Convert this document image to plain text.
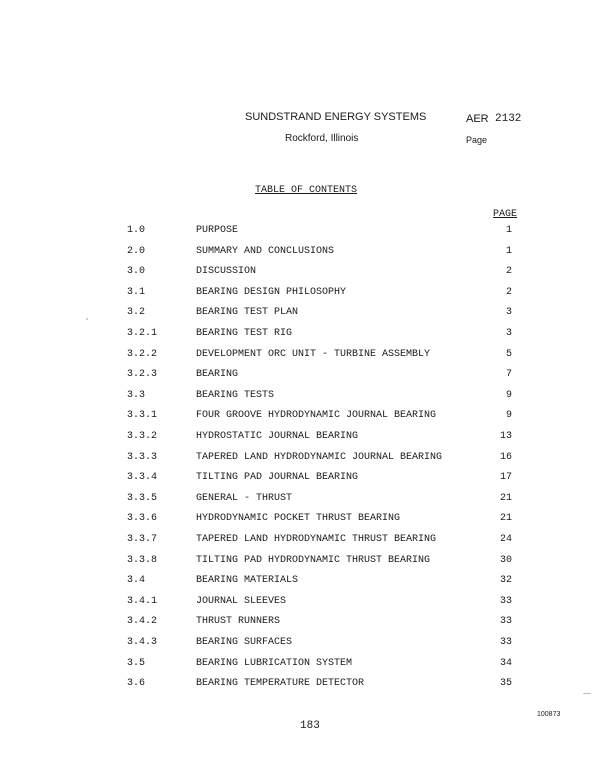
SUNDSTRAND ENERGY SYSTEMS
Rockford, Illinois
AER 2132
Page
TABLE OF CONTENTS
PAGE
1.0	PURPOSE	1
2.0	SUMMARY AND CONCLUSIONS	1
3.0	DISCUSSION	2
3.1	BEARING DESIGN PHILOSOPHY	2
3.2	BEARING TEST PLAN	3
3.2.1	BEARING TEST RIG	3
3.2.2	DEVELOPMENT ORC UNIT - TURBINE ASSEMBLY	5
3.2.3	BEARING	7
3.3	BEARING TESTS	9
3.3.1	FOUR GROOVE HYDRODYNAMIC JOURNAL BEARING	9
3.3.2	HYDROSTATIC JOURNAL BEARING	13
3.3.3	TAPERED LAND HYDRODYNAMIC JOURNAL BEARING	16
3.3.4	TILTING PAD JOURNAL BEARING	17
3.3.5	GENERAL - THRUST	21
3.3.6	HYDRODYNAMIC POCKET THRUST BEARING	21
3.3.7	TAPERED LAND HYDRODYNAMIC THRUST BEARING	24
3.3.8	TILTING PAD HYDRODYNAMIC THRUST BEARING	30
3.4	BEARING MATERIALS	32
3.4.1	JOURNAL SLEEVES	33
3.4.2	THRUST RUNNERS	33
3.4.3	BEARING SURFACES	33
3.5	BEARING LUBRICATION SYSTEM	34
3.6	BEARING TEMPERATURE DETECTOR	35
183
100873
